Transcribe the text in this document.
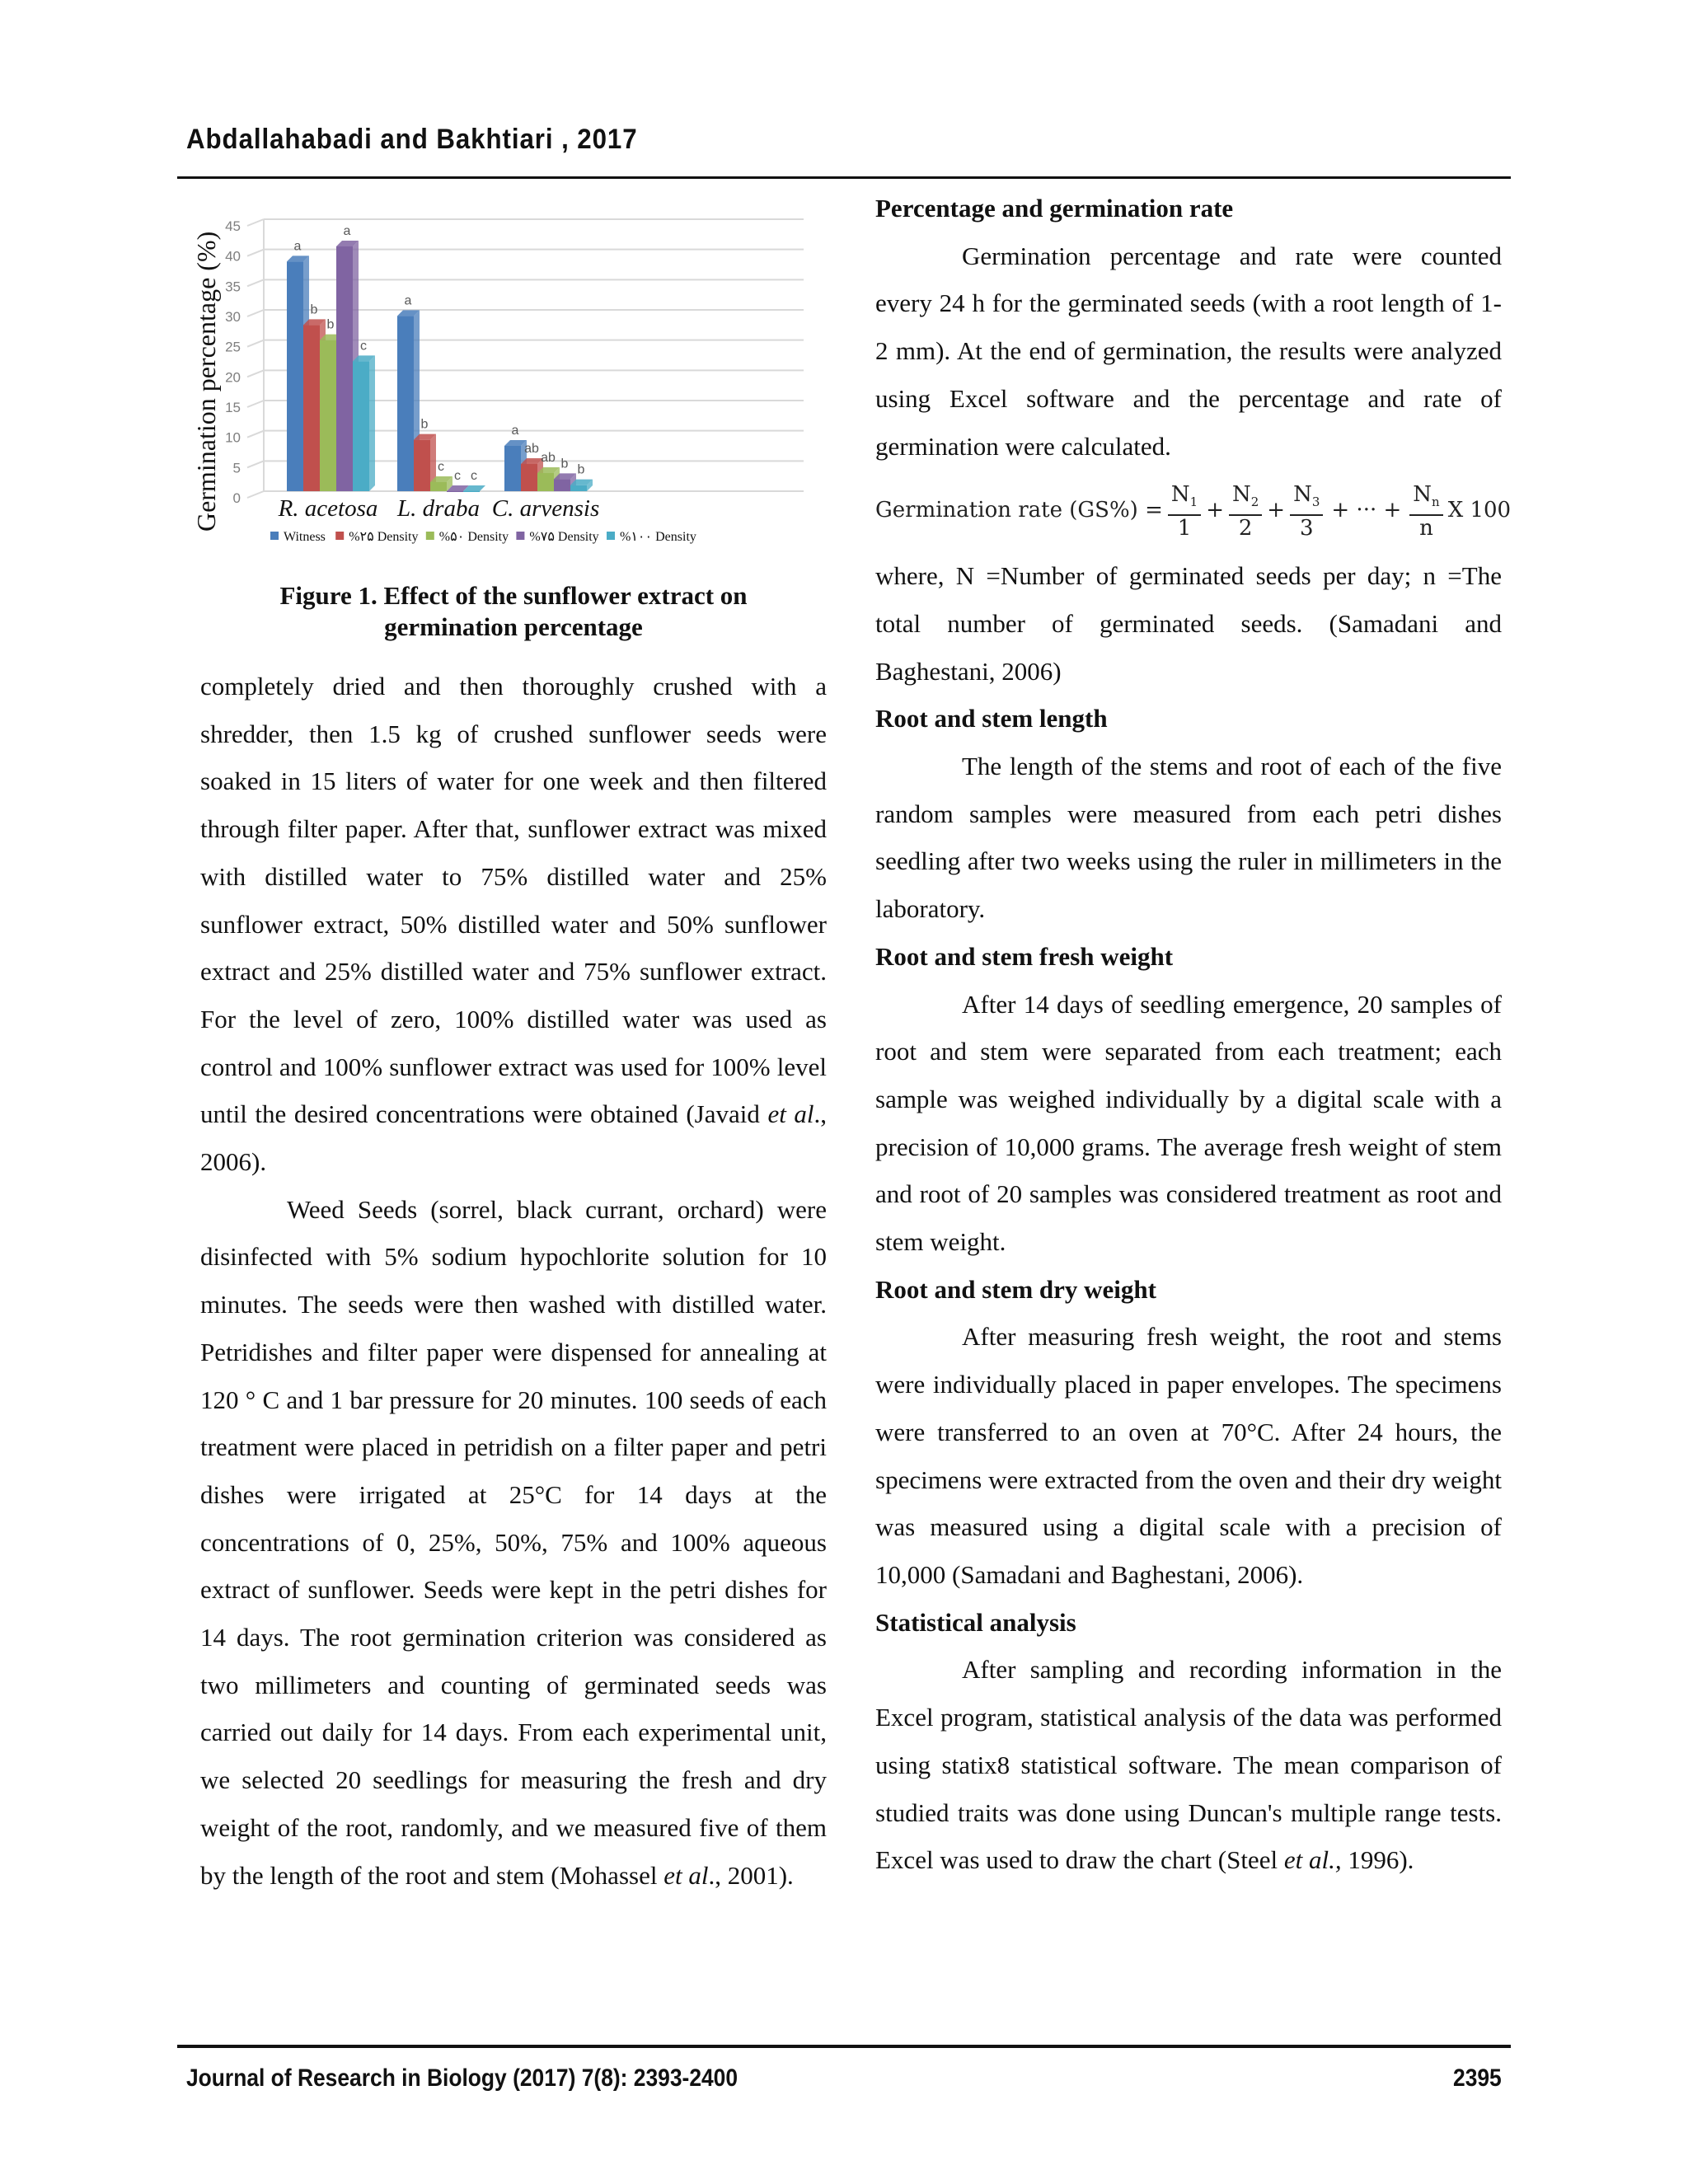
Abdallahabadi and Bakhtiari , 2017
Germination percentage (%) 0
5
10
15
20
25
30
35
40
45
a
b
b
a
c
R. acetosa
a
b
c
c c
L. draba
a
ab
ab b b
C. arvensis
Witness %۲۵ Density %۵۰ Density %۷۵ Density %۱۰۰ Density
Figure 1. Effect of the sunflower extract on
germination percentage

completely dried and then thoroughly crushed with a shredder, then 1.5 kg of crushed sunflower seeds were soaked in 15 liters of water for one week and then filtered through filter paper. After that, sunflower extract was mixed with distilled water to 75% distilled water and 25% sunflower extract, 50% distilled water and 50% sunflower extract and 25% distilled water and 75% sunflower extract. For the level of zero, 100% distilled water was used as control and 100% sunflower extract was used for 100% level until the desired concentrations were obtained (Javaid et al., 2006).

Weed Seeds (sorrel, black currant, orchard) were disinfected with 5% sodium hypochlorite solution for 10 minutes. The seeds were then washed with distilled water. Petridishes and filter paper were dispensed for annealing at 120 ° C and 1 bar pressure for 20 minutes. 100 seeds of each treatment were placed in petridish on a filter paper and petri dishes were irrigated at 25°C for 14 days at the concentrations of 0, 25%, 50%, 75% and 100% aqueous extract of sunflower. Seeds were kept in the petri dishes for 14 days. The root germination criterion was considered as two millimeters and counting of germinated seeds was carried out daily for 14 days. From each experimental unit, we selected 20 seedlings for measuring the fresh and dry weight of the root, randomly, and we measured five of them by the length of the root and stem (Mohassel et al., 2001).

Percentage and germination rate

Germination percentage and rate were counted every 24 h for the germinated seeds (with a root length of 1-2 mm). At the end of germination, the results were analyzed using Excel software and the percentage and rate of germination were calculated.

Germination rate $(GS\%) = \frac{N_1}{1} + \frac{N_2}{2} + \frac{N_3}{3}$ + ··· + $\frac{N_n}{n}$ X 100

where, N =Number of germinated seeds per day; n =The total number of germinated seeds. (Samadani and Baghestani, 2006)

Root and stem length

The length of the stems and root of each of the five random samples were measured from each petri dishes seedling after two weeks using the ruler in millimeters in the laboratory.

Root and stem fresh weight

After 14 days of seedling emergence, 20 samples of root and stem were separated from each treatment; each sample was weighed individually by a digital scale with a precision of 10,000 grams. The average fresh weight of stem and root of 20 samples was considered treatment as root and stem weight.

Root and stem dry weight

After measuring fresh weight, the root and stems were individually placed in paper envelopes. The specimens were transferred to an oven at 70°C. After 24 hours, the specimens were extracted from the oven and their dry weight was measured using a digital scale with a precision of 10,000 (Samadani and Baghestani, 2006).

Statistical analysis

After sampling and recording information in the Excel program, statistical analysis of the data was performed using statix8 statistical software. The mean comparison of studied traits was done using Duncan's multiple range tests. Excel was used to draw the chart (Steel et al., 1996).

Journal of Research in Biology (2017) 7(8): 2393-2400	2395
